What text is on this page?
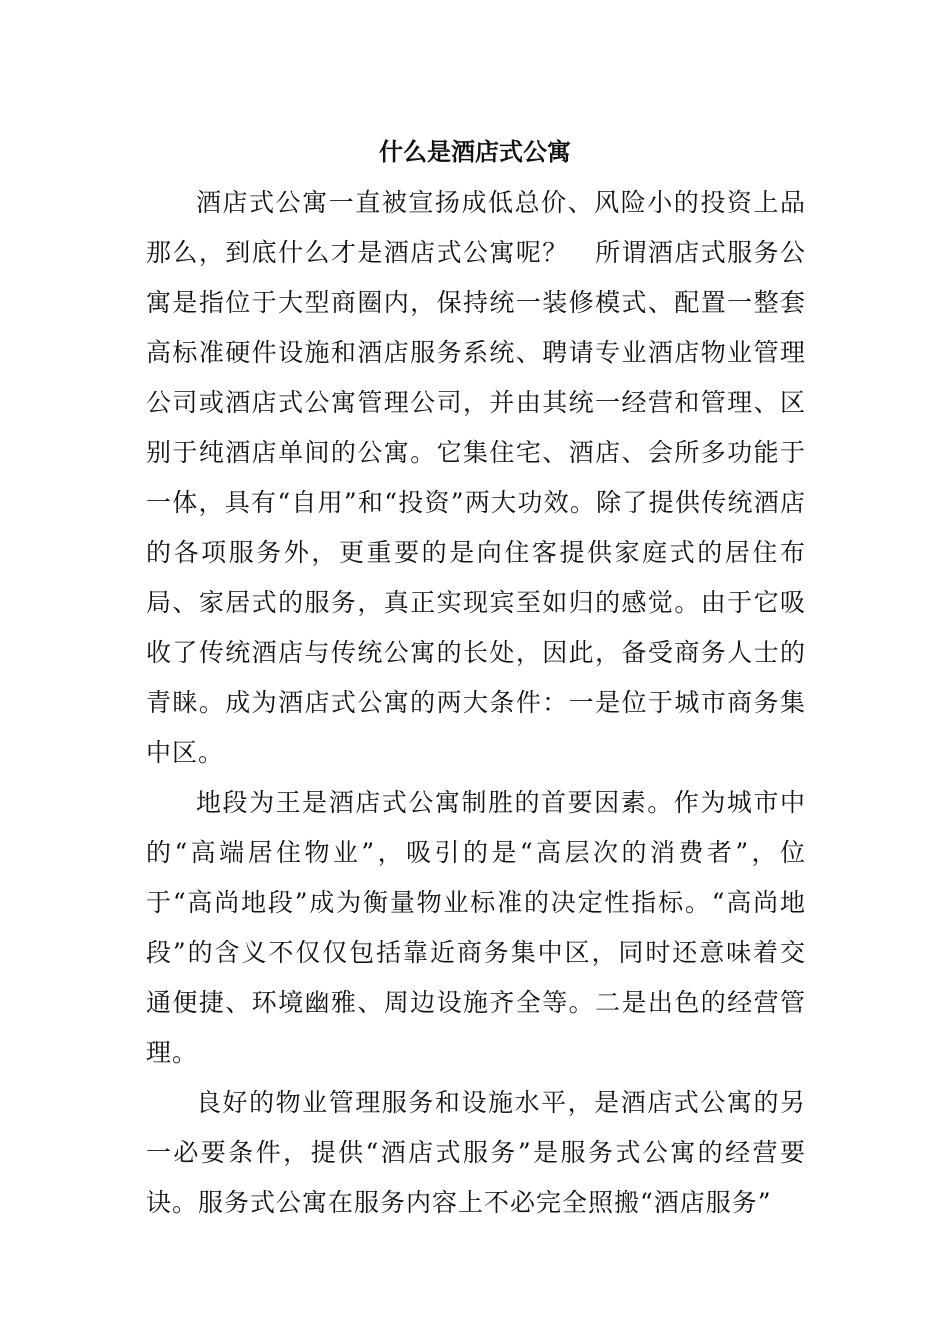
什么是酒店式公寓

酒店式公寓一直被宣扬成低总价、风险小的投资上品那么，到底什么才是酒店式公寓呢？　所谓酒店式服务公寓是指位于大型商圈内，保持统一装修模式、配置一整套高标准硬件设施和酒店服务系统、聘请专业酒店物业管理公司或酒店式公寓管理公司，并由其统一经营和管理、区别于纯酒店单间的公寓。它集住宅、酒店、会所多功能于一体，具有“自用”和“投资”两大功效。除了提供传统酒店的各项服务外，更重要的是向住客提供家庭式的居住布局、家居式的服务，真正实现宾至如归的感觉。由于它吸收了传统酒店与传统公寓的长处，因此，备受商务人士的青睐。成为酒店式公寓的两大条件：一是位于城市商务集中区。

地段为王是酒店式公寓制胜的首要因素。作为城市中的“高端居住物业”，吸引的是“高层次的消费者”，位于“高尚地段”成为衡量物业标准的决定性指标。“高尚地段”的含义不仅仅包括靠近商务集中区，同时还意味着交通便捷、环境幽雅、周边设施齐全等。二是出色的经营管理。

良好的物业管理服务和设施水平，是酒店式公寓的另一必要条件，提供“酒店式服务”是服务式公寓的经营要诀。服务式公寓在服务内容上不必完全照搬“酒店服务”
